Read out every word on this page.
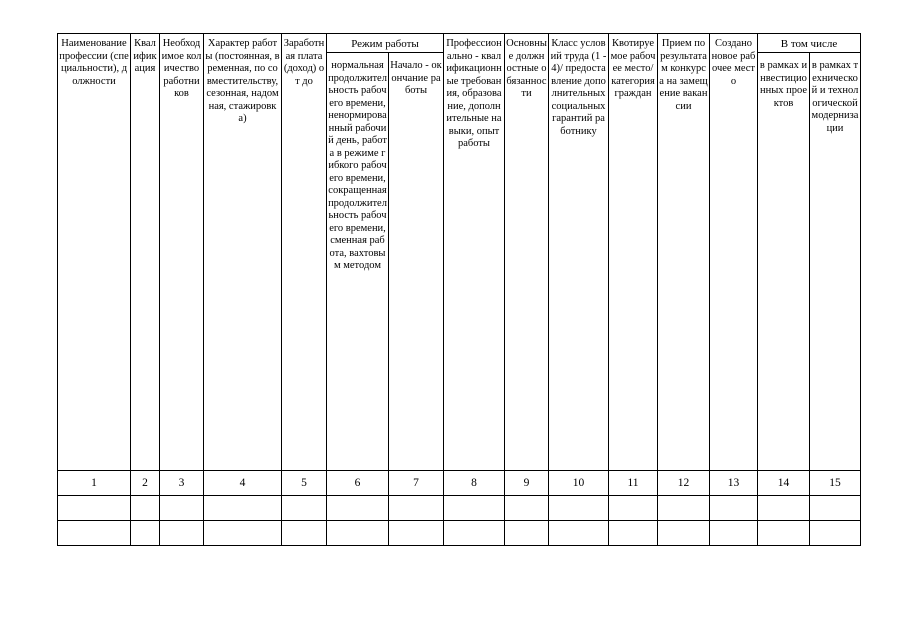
Наименование профессии (специальности), должности	Квалификация	Необходимое количество работников	Характер работы (постоянная, временная, по совместительству, сезонная, надомная, стажировка)	Заработная плата (доход) от до	Режим работы		Профессионально - квалификационные требования, образование, дополнительные навыки, опыт работы	Основные должностные обязанности	Класс условий труда (1 - 4)/ предоставление дополнительных социальных гарантий работнику	Квотируемое рабочее место/ категория граждан	Прием по результатам конкурса на замещение вакансии	Создано новое рабочее место	В том числе	
					нормальная продолжительность рабочего времени, ненормированный рабочий день, работа в режиме гибкого рабочего времени, сокращенная продолжительность рабочего времени, сменная работа, вахтовым методом	Начало - окончание работы							в рамках инвестиционных проектов	в рамках технической и технологической модернизации
1	2	3	4	5	6	7	8	9	10	11	12	13	14	15
